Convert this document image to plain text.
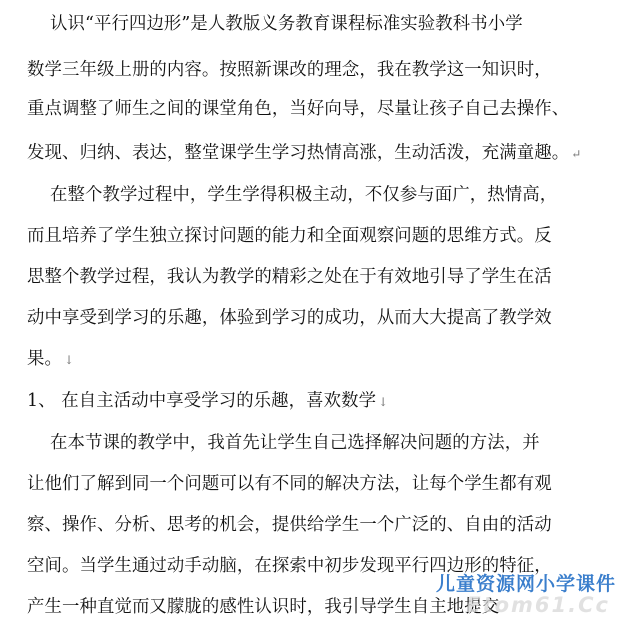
认识“平行四边形”是人教版义务教育课程标准实验教科书小学
数学三年级上册的内容。按照新课改的理念，我在教学这一知识时，
重点调整了师生之间的课堂角色，当好向导，尽量让孩子自己去操作、
发现、归纳、表达，整堂课学生学习热情高涨，生动活泼，充满童趣。 ↵
在整个教学过程中，学生学得积极主动，不仅参与面广，热情高，
而且培养了学生独立探讨问题的能力和全面观察问题的思维方式。反
思整个教学过程，我认为教学的精彩之处在于有效地引导了学生在活
动中享受到学习的乐趣，体验到学习的成功，从而大大提高了教学效
果。 ↓
1、 在自主活动中享受学习的乐趣，喜欢数学 ↓
在本节课的教学中，我首先让学生自己选择解决问题的方法，并
让他们了解到同一个问题可以有不同的解决方法，让每个学生都有观
察、操作、分析、思考的机会，提供给学生一个广泛的、自由的活动
空间。当学生通过动手动脑，在探索中初步发现平行四边形的特征，
产生一种直觉而又朦胧的感性认识时，我引导学生自主地提交
儿童资源网小学课件
Etom61.Cc
